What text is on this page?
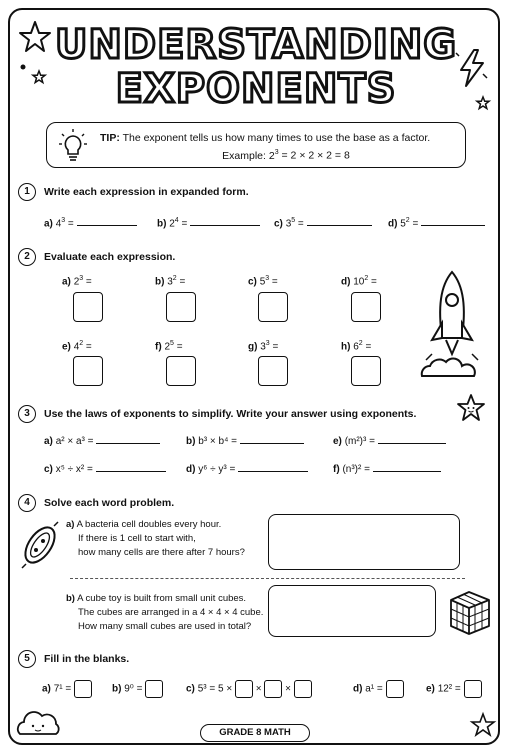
UNDERSTANDING
EXPONENTS
TIP: The exponent tells us how many times to use the base as a factor.
Example: $2^3 = 2 \times 2 \times 2 = 8$
1	Write each expression in expanded form.
a) $4^3$ =	b) $2^4$ =	c) $3^5$ =	d) $5^2$ =
2	Evaluate each expression.
a) $2^3$ =	b) $3^2$ =	c) $5^3$ =	d) $10^2$ =
e) $4^2$ =	f) $2^5$ =	g) $3^3$ =	h) $6^2$ =
3	Use the laws of exponents to simplify. Write your answer using exponents.
a) a² × a³ =	b) b³ × b⁴ =	e) (m²)³ =
c) x⁵ ÷ x² =	d) y⁶ ÷ y³ =	f) (n³)² =
4	Solve each word problem.
a) A bacteria cell doubles every hour.
If there is 1 cell to start with,
how many cells are there after 7 hours?
b) A cube toy is built from small unit cubes.
The cubes are arranged in a 4 × 4 × 4 cube.
How many small cubes are used in total?
5	Fill in the blanks.
a) 7¹ =	b) 9⁰ =	c) 5³ = 5 × × ×	d) a¹ =	e) 12² =
GRADE 8 MATH
